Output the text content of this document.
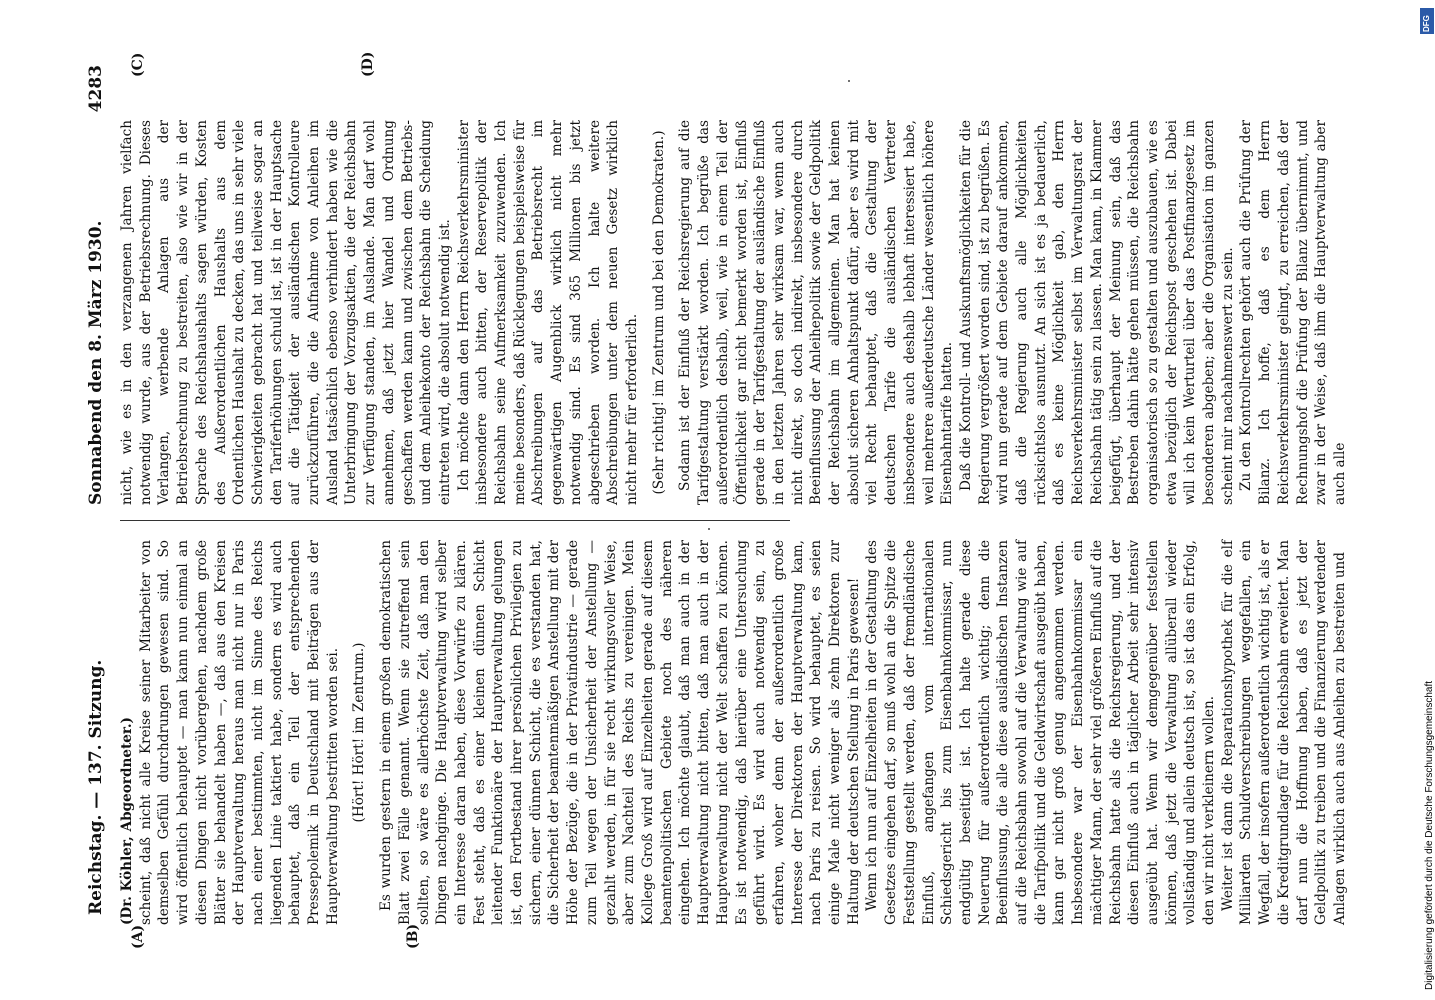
Reichstag. — 137. Sitzung.
Sonnabend den 8. März 1930.
4283
(A)	(B)
(C)	(D)

(Dr. Köhler, Abgeordneter.) scheint, daß nicht alle Kreise seiner Mitarbeiter von demselben Gefühl durchdrungen gewesen sind. So wird öffentlich behauptet — man kann nun einmal an diesen Dingen nicht vorübergehen, nachdem große Blätter sie behandelt haben —, daß aus den Kreisen der Hauptverwaltung heraus man nicht nur in Paris nach einer bestimmten, nicht im Sinne des Reichs liegenden Linie taktiert habe, sondern es wird auch behauptet, daß ein Teil der entsprechenden Pressepolemik in Deutschland mit Beiträgen aus der Hauptverwaltung bestritten worden sei. (Hört! Hört! im Zentrum.) Es wurden gestern in einem großen demokratischen Blatt zwei Fälle genannt. Wenn sie zutreffend sein sollten, so wäre es allerhöchste Zeit, daß man den Dingen nachginge. Die Hauptverwaltung wird selber ein Interesse daran haben, diese Vorwürfe zu klären. Fest steht, daß es einer kleinen dünnen Schicht leitender Funktionäre der Hauptverwaltung gelungen ist, den Fortbestand ihrer persönlichen Privilegien zu sichern, einer dünnen Schicht, die es verstanden hat, die Sicherheit der beamtenmäßigen Anstellung mit der Höhe der Bezüge, die in der Privatindustrie — gerade zum Teil wegen der Unsicherheit der Anstellung — gezahlt werden, in für sie recht wirkungsvoller Weise, aber zum Nachteil des Reichs zu vereinigen. Mein Kollege Groß wird auf Einzelheiten gerade auf diesem beamtenpolitischen Gebiete noch des näheren eingehen. Ich möchte glaubt, daß man auch in der Hauptverwaltung nicht bitten, daß man auch in der Hauptverwaltung nicht der Welt schaffen zu können. Es ist notwendig, daß hierüber eine Untersuchung geführt wird. Es wird auch notwendig sein, zu erfahren, woher denn der außerordentlich große Interesse der Direktoren der Hauptverwaltung kam, nach Paris zu reisen. So wird behauptet, es seien einige Male nicht weniger als zehn Direktoren zur Haltung der deutschen Stellung in Paris gewesen! Wenn ich nun auf Einzelheiten in der Gestaltung des Gesetzes eingehen darf, so muß wohl an die Spitze die Feststellung gestellt werden, daß der fremdländische Einfluß, angefangen vom internationalen Schiedsgericht bis zum Eisenbahnkommissar, nun endgültig beseitigt ist. Ich halte gerade diese Neuerung für außerordentlich wichtig; denn die Beeinflussung, die alle diese ausländischen Instanzen auf die Reichsbahn sowohl auf die Verwaltung wie auf die Tarifpolitik und die Geldwirtschaft ausgeübt haben, kann gar nicht groß genug angenommen werden. Insbesondere war der Eisenbahnkommissar ein mächtiger Mann, der sehr viel größeren Einfluß auf die Reichsbahn hatte als die Reichsregierung, und der diesen Einfluß auch in täglicher Arbeit sehr intensiv ausgeübt hat. Wenn wir demgegenüber feststellen können, daß jetzt die Verwaltung allüberall wieder vollständig und allein deutsch ist, so ist das ein Erfolg, den wir nicht verkleinern wollen. Weiter ist dann die Reparationshypothek für die elf Milliarden Schuldverschreibungen weggefallen, ein Wegfall, der insofern außerordentlich wichtig ist, als er die Kreditgrundlage für die Reichsbahn erweitert. Man darf nun die Hoffnung haben, daß es jetzt der Geldpolitik zu treiben und die Finanzierung werdender Anlagen wirklich auch aus Anleihen zu bestreiten und

nicht, wie es in den verzangenen Jahren vielfach notwendig wurde, aus der Betriebsrechnung. Dieses Verlangen, werbende Anlagen aus der Betriebsrechnung zu bestreiten, also wie wir in der Sprache des Reichshaushalts sagen würden, Kosten des Außerordentlichen Haushalts aus dem Ordentlichen Haushalt zu decken, das uns in sehr viele Schwierigkeiten gebracht hat und teilweise sogar an den Tariferhöhungen schuld ist, ist in der Hauptsache auf die Tätigkeit der ausländischen Kontrolleure zurückzuführen, die die Aufnahme von Anleihen im Ausland tatsächlich ebenso verhindert haben wie die Unterbringung der Vorzugsaktien, die der Reichsbahn zur Verfügung standen, im Auslande. Man darf wohl annehmen, daß jetzt hier Wandel und Ordnung geschaffen werden kann und zwischen dem Betriebs- und dem Anleihekonto der Reichsbahn die Scheidung eintreten wird, die absolut notwendig ist. Ich möchte dann den Herrn Reichsverkehrsminister insbesondere auch bitten, der Reservepolitik der Reichsbahn seine Aufmerksamkeit zuzuwenden. Ich meine besonders, daß Rücklegungen beispielsweise für Abschreibungen auf das Betriebsrecht im gegenwärtigen Augenblick wirklich nicht mehr notwendig sind. Es sind 365 Millionen bis jetzt abgeschrieben worden. Ich halte weitere Abschreibungen unter dem neuen Gesetz wirklich nicht mehr für erforderlich. (Sehr richtig! im Zentrum und bei den Demokraten.) Sodann ist der Einfluß der Reichsregierung auf die Tarifgestaltung verstärkt worden. Ich begrüße das außerordentlich deshalb, weil, wie in einem Teil der Öffentlichkeit gar nicht bemerkt worden ist, Einfluß gerade in der Tarifgestaltung der ausländische Einfluß in den letzten Jahren sehr wirksam war, wenn auch nicht direkt, so doch indirekt, insbesondere durch Beeinflussung der Anleihepolitik sowie der Geldpolitik der Reichsbahn im allgemeinen. Man hat keinen absolut sicheren Anhaltspunkt dafür, aber es wird mit viel Recht behauptet, daß die Gestaltung der deutschen Tarife die ausländischen Vertreter insbesondere auch deshalb lebhaft interessiert habe, weil mehrere außerdeutsche Länder wesentlich höhere Eisenbahntarife hatten. Daß die Kontroll- und Auskunftsmöglichkeiten für die Regierung vergrößert worden sind, ist zu begrüßen. Es wird nun gerade auf dem Gebiete darauf ankommen, daß die Regierung auch alle Möglichkeiten rücksichtslos ausnutzt. An sich ist es ja bedauerlich, daß es keine Möglichkeit gab, den Herrn Reichsverkehrsminister selbst im Verwaltungsrat der Reichsbahn tätig sein zu lassen. Man kann, in Klammer beigefügt, überhaupt der Meinung sein, daß das Bestreben dahin hätte gehen müssen, die Reichsbahn organisatorisch so zu gestalten und auszubauen, wie es etwa bezüglich der Reichspost geschehen ist. Dabei will ich kein Werturteil über das Postfinanzgesetz im besonderen abgeben; aber die Organisation im ganzen scheint mir nachahmenswert zu sein. Zu den Kontrollrechten gehört auch die Prüfung der Bilanz. Ich hoffe, daß es dem Herrn Reichsverkehrsminister gelingt, zu erreichen, daß der Rechnungshof die Prüfung der Bilanz übernimmt, und zwar in der Weise, daß ihm die Hauptverwaltung aber auch alle

DFG
Digitalisierung gefördert durch die Deutsche Forschungsgemeinschaft
